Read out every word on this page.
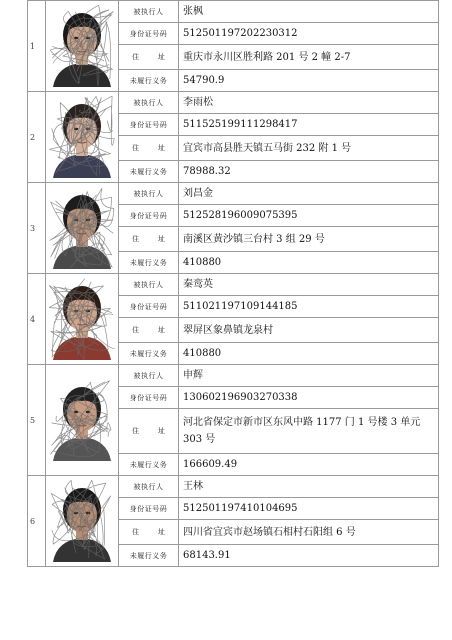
1		被执行人	张枫
		身份证号码	512501197202230312
		住　址	重庆市永川区胜利路 201 号 2 幢 2-7
		未履行义务	54790.9
2		被执行人	李雨松
		身份证号码	511525199111298417
		住　址	宜宾市高县胜天镇五马街 232 附 1 号
		未履行义务	78988.32
3		被执行人	刘昌金
		身份证号码	512528196009075395
		住　址	南溪区黄沙镇三台村 3 组 29 号
		未履行义务	410880
4		被执行人	秦鸾英
		身份证号码	511021197109144185
		住　址	翠屏区象鼻镇龙泉村
		未履行义务	410880
5		被执行人	申辉
		身份证号码	130602196903270338
		住　址	河北省保定市新市区东风中路 1177 门 1 号楼 3 单元 303 号
		未履行义务	166609.49
6		被执行人	王林
		身份证号码	512501197410104695
		住　址	四川省宜宾市赵场镇石相村石阳组 6 号
		未履行义务	68143.91
